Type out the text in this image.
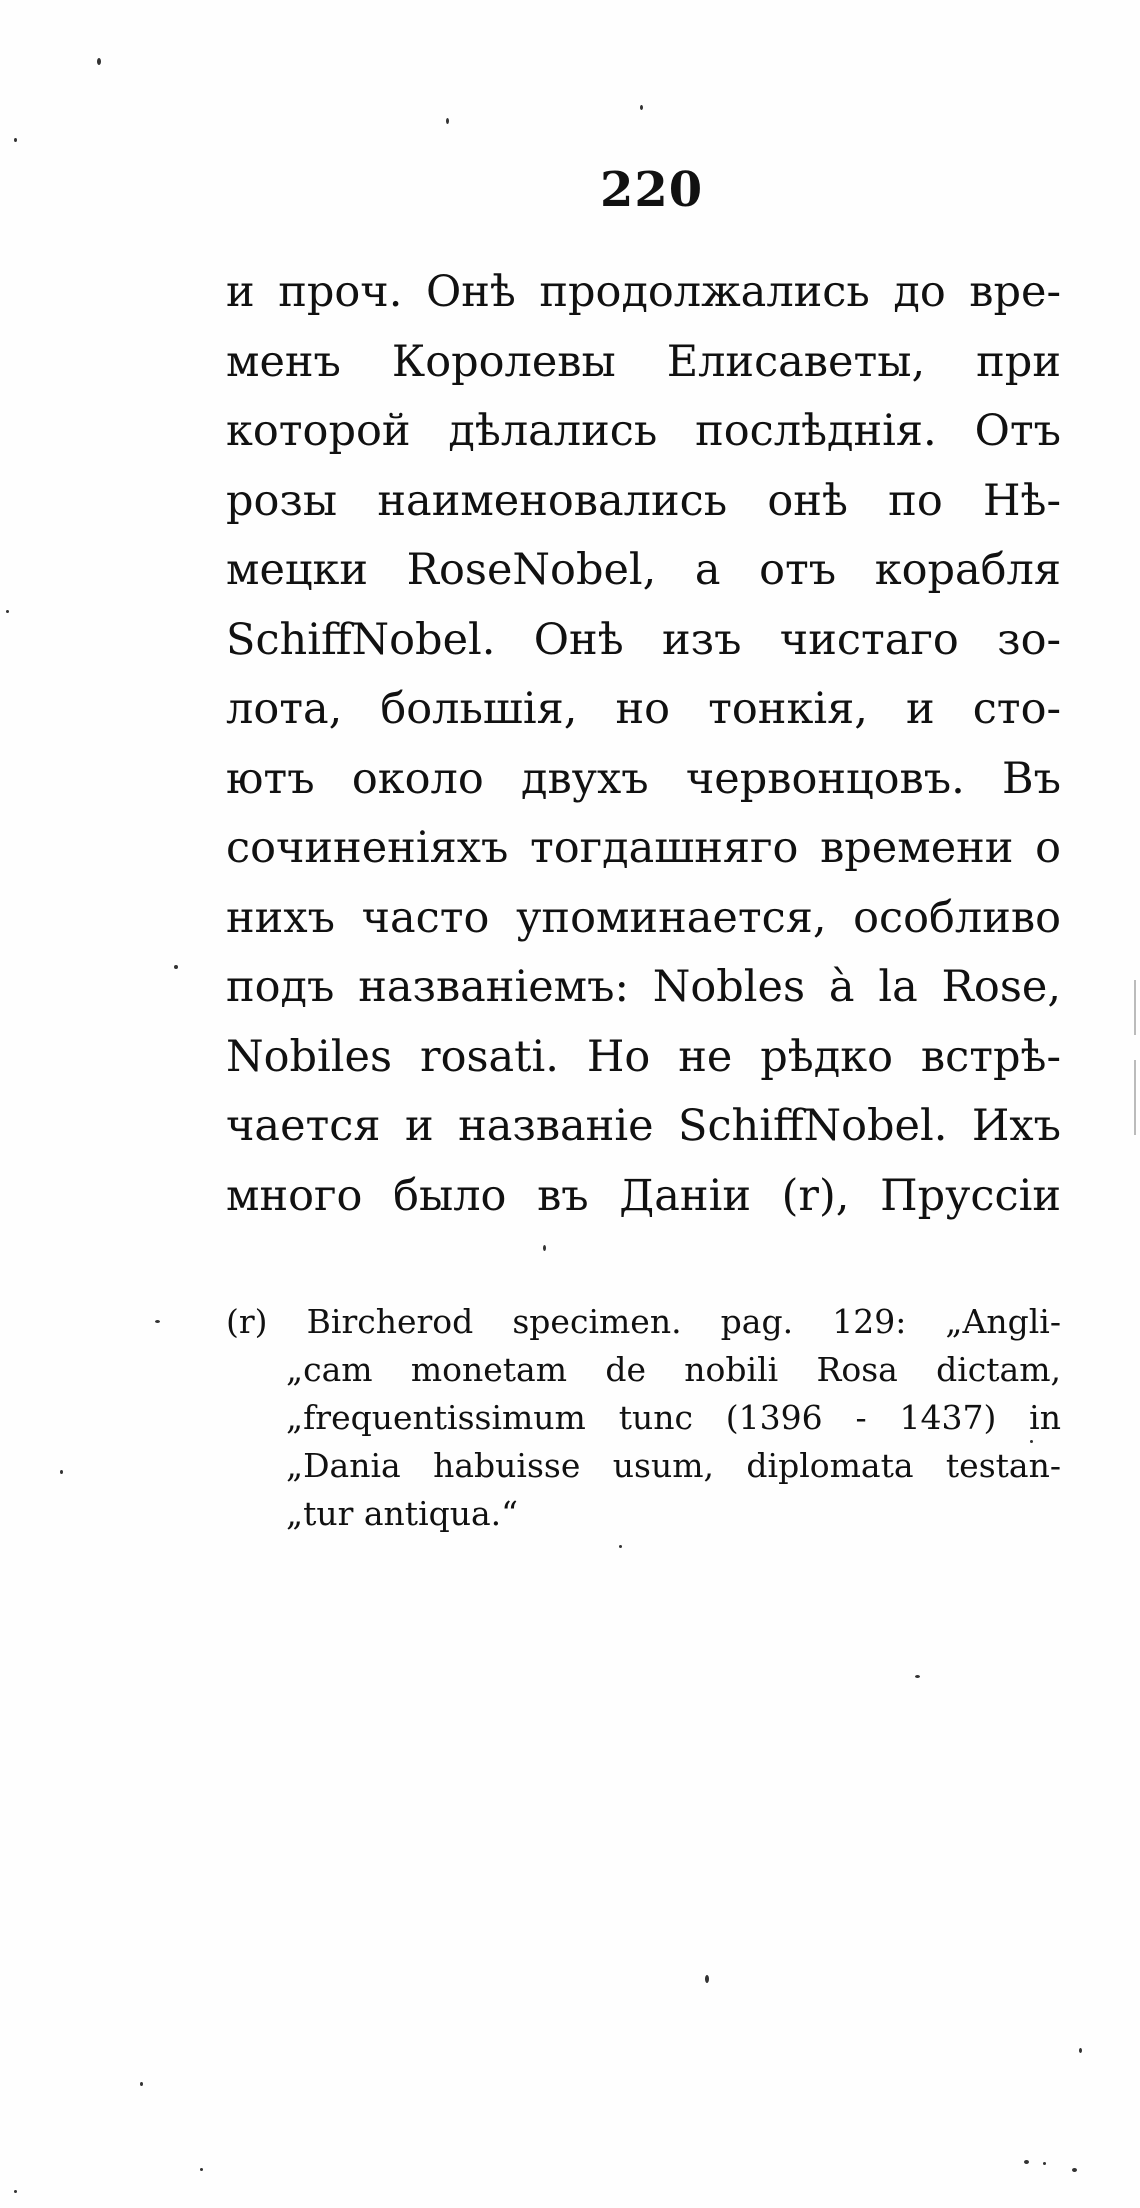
220
и проч. Онѣ продолжались до вре-
менъ Королевы Елисаветы, при
которой дѣлались послѣднія. Отъ
розы наименовались онѣ по Нѣ-
мецки RoseNobel, а отъ корабля
SchiffNobel. Онѣ изъ чистаго зо-
лота, большія, но тонкія, и сто-
ютъ около двухъ червонцовъ. Въ
сочиненіяхъ тогдашняго времени о
нихъ часто упоминается, особливо
подъ названіемъ: Nobles à la Rose,
Nobiles rosati. Но не рѣдко встрѣ-
чается и названіе SchiffNobel. Ихъ
много было въ Даніи (r), Пруссіи
(r) Bircherod specimen. pag. 129: „Angli-
„cam monetam de nobili Rosa dictam,
„frequentissimum tunc (1396 - 1437) in
„Dania habuisse usum, diplomata testan-
„tur antiqua.“
